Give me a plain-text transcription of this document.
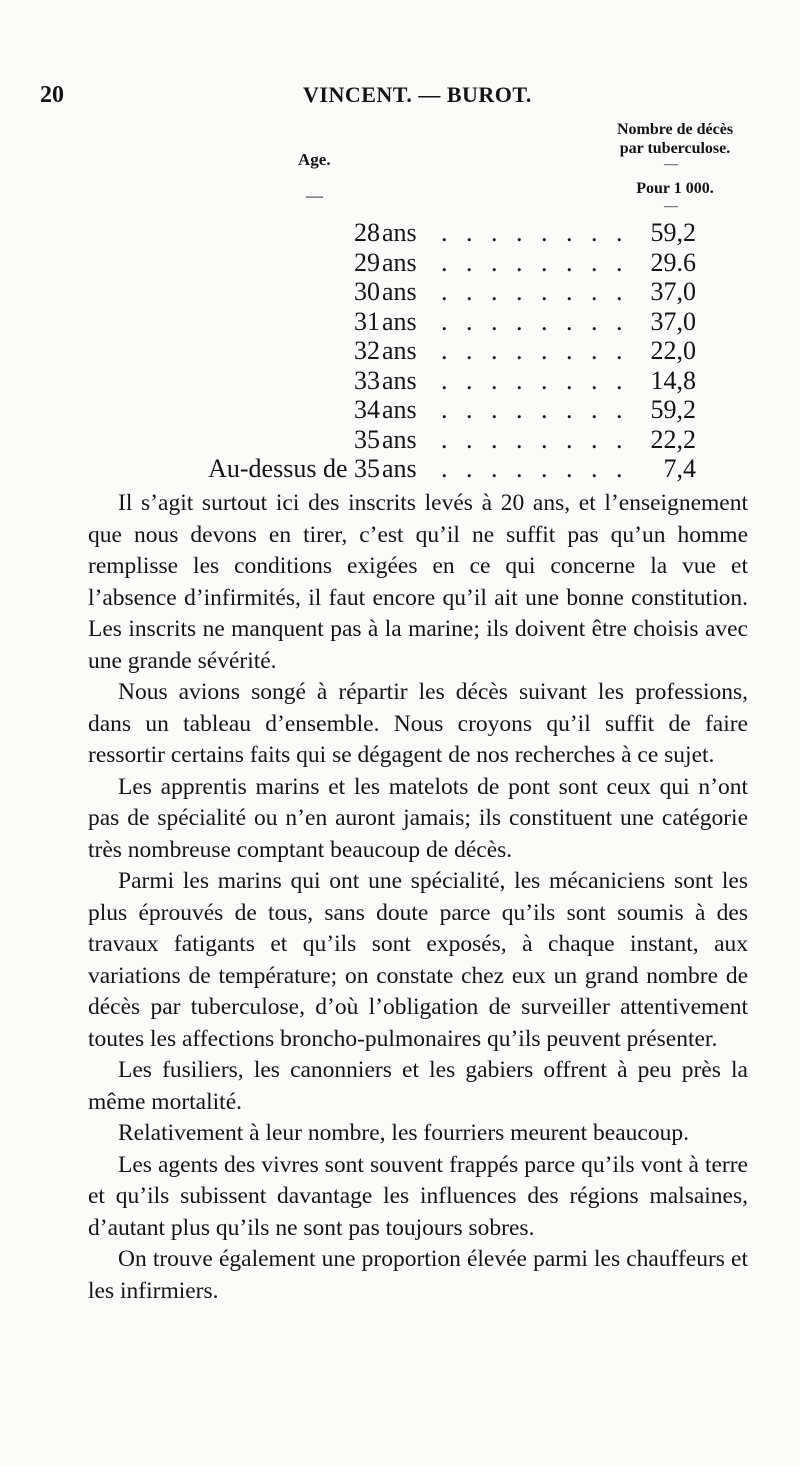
20	VINCENT. — BUROT.
Age.
—
Nombre de décès
par tuberculose.
—
Pour 1 000.
—
28 ans . . . . . . . . 59,2
29 ans . . . . . . . . 29.6
30 ans . . . . . . . . 37,0
31 ans . . . . . . . . 37,0
32 ans . . . . . . . . 22,0
33 ans . . . . . . . . 14,8
34 ans . . . . . . . . 59,2
35 ans . . . . . . . . 22,2
Au-dessus de 35 ans . . . . . . . . 7,4

Il s’agit surtout ici des inscrits levés à 20 ans, et l’enseignement que nous devons en tirer, c’est qu’il ne suffit pas qu’un homme remplisse les conditions exigées en ce qui concerne la vue et l’absence d’infirmités, il faut encore qu’il ait une bonne constitution. Les inscrits ne manquent pas à la marine; ils doivent être choisis avec une grande sévérité.

Nous avions songé à répartir les décès suivant les professions, dans un tableau d’ensemble. Nous croyons qu’il suffit de faire ressortir certains faits qui se dégagent de nos recherches à ce sujet.

Les apprentis marins et les matelots de pont sont ceux qui n’ont pas de spécialité ou n’en auront jamais; ils constituent une catégorie très nombreuse comptant beaucoup de décès.

Parmi les marins qui ont une spécialité, les mécaniciens sont les plus éprouvés de tous, sans doute parce qu’ils sont soumis à des travaux fatigants et qu’ils sont exposés, à chaque instant, aux variations de température; on constate chez eux un grand nombre de décès par tuberculose, d’où l’obligation de surveiller attentivement toutes les affections broncho-pulmonaires qu’ils peuvent présenter.

Les fusiliers, les canonniers et les gabiers offrent à peu près la même mortalité.

Relativement à leur nombre, les fourriers meurent beaucoup.

Les agents des vivres sont souvent frappés parce qu’ils vont à terre et qu’ils subissent davantage les influences des régions malsaines, d’autant plus qu’ils ne sont pas toujours sobres.

On trouve également une proportion élevée parmi les chauffeurs et les infirmiers.
